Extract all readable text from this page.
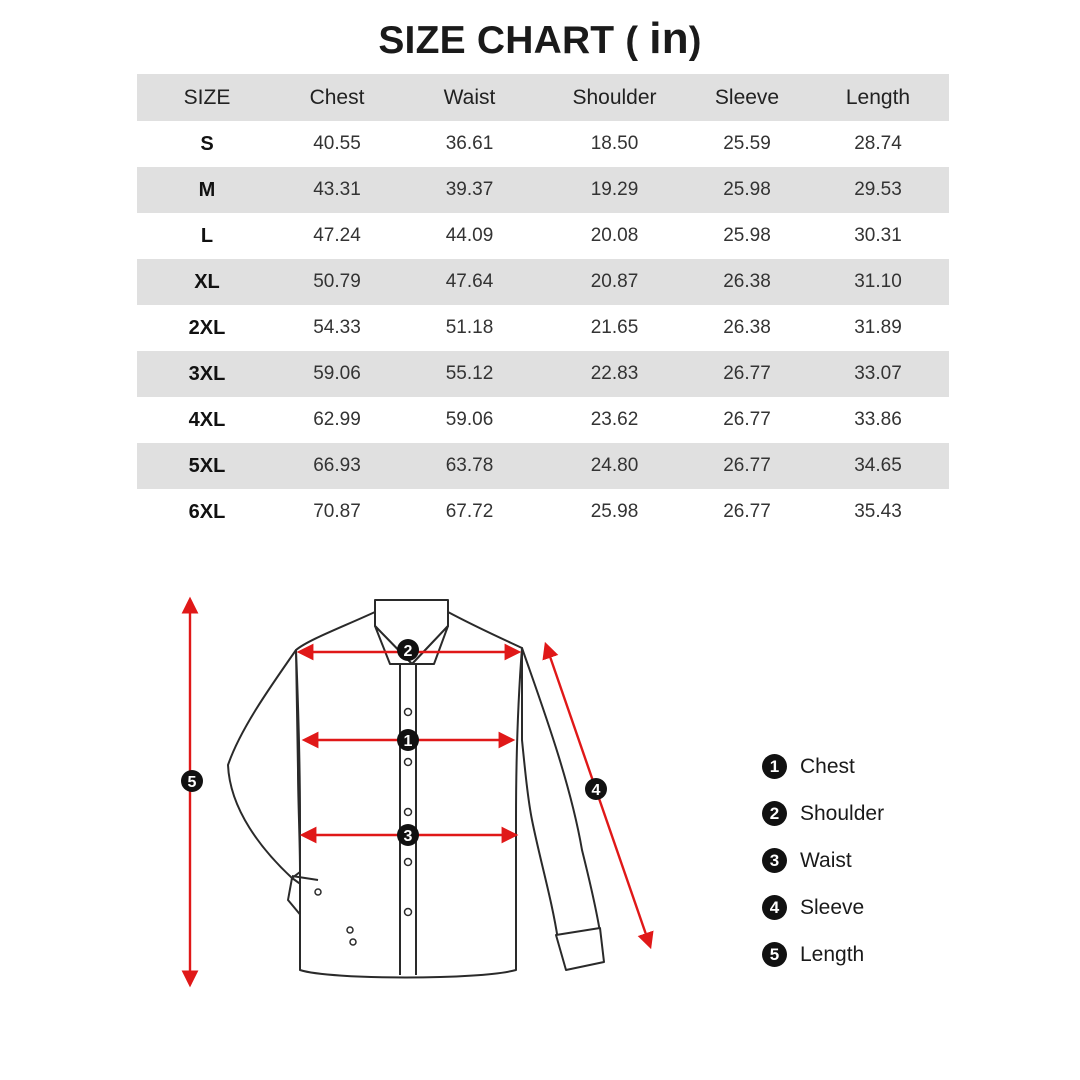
SIZE CHART ( in)
SIZE	Chest	Waist	Shoulder	Sleeve	Length
S	40.55	36.61	18.50	25.59	28.74
M	43.31	39.37	19.29	25.98	29.53
L	47.24	44.09	20.08	25.98	30.31
XL	50.79	47.64	20.87	26.38	31.10
2XL	54.33	51.18	21.65	26.38	31.89
3XL	59.06	55.12	22.83	26.77	33.07
4XL	62.99	59.06	23.62	26.77	33.86
5XL	66.93	63.78	24.80	26.77	34.65
6XL	70.87	67.72	25.98	26.77	35.43
1
2
3
4
5
1 Chest
2 Shoulder
3 Waist
4 Sleeve
5 Length
